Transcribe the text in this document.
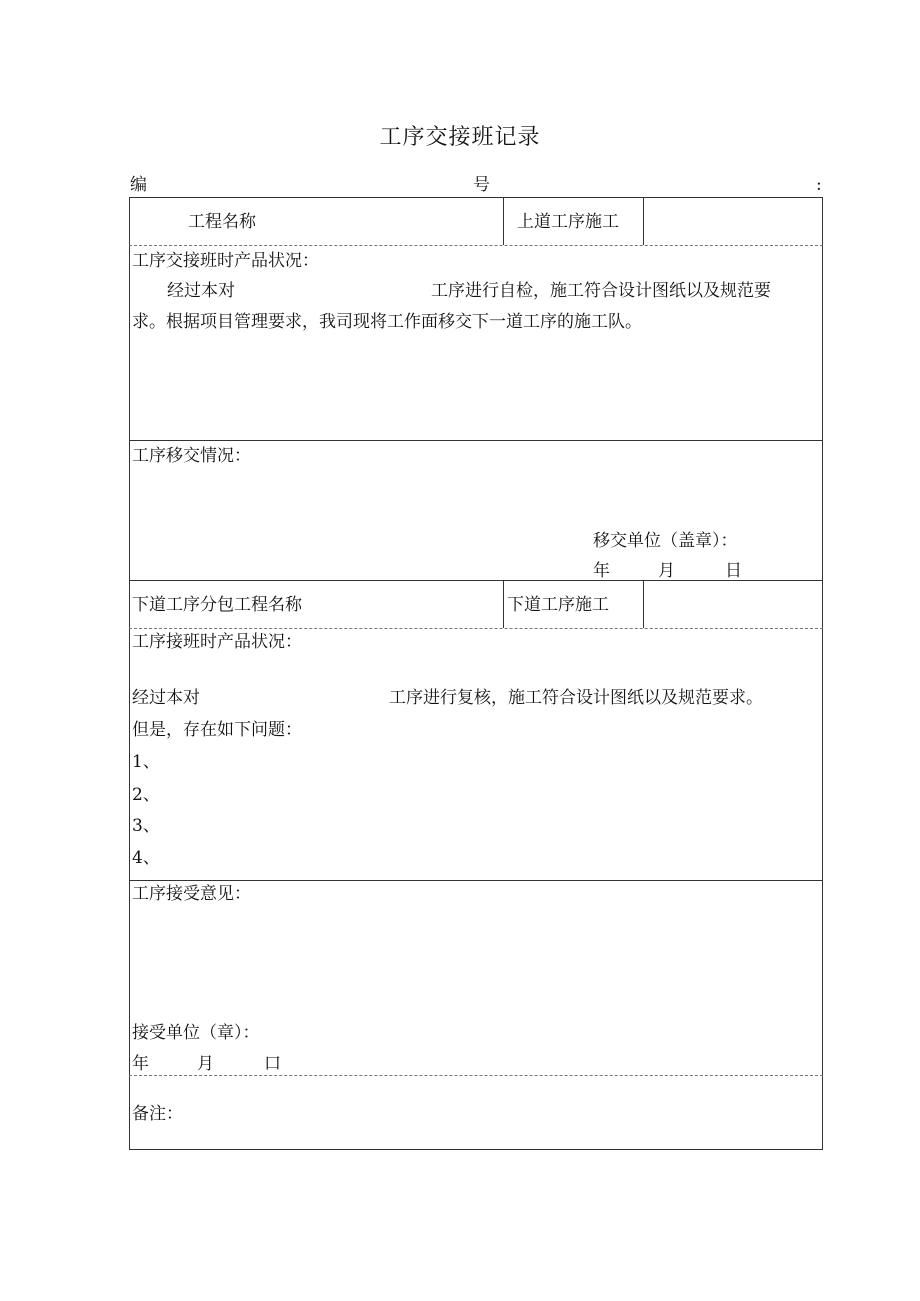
工序交接班记录
编	号	:
工程名称	上道工序施工
工序交接班时产品状况：
经过本对	工序进行自检，施工符合设计图纸以及规范要
求。根据项目管理要求，我司现将工作面移交下一道工序的施工队。
工序移交情况：
移交单位（盖章）：
年	月	日
下道工序分包工程名称	下道工序施工
工序接班时产品状况：
经过本对	工序进行复核，施工符合设计图纸以及规范要求。
但是，存在如下问题：
1、
2、
3、
4、
工序接受意见：
接受单位（章）：
年	月	口
备注：
